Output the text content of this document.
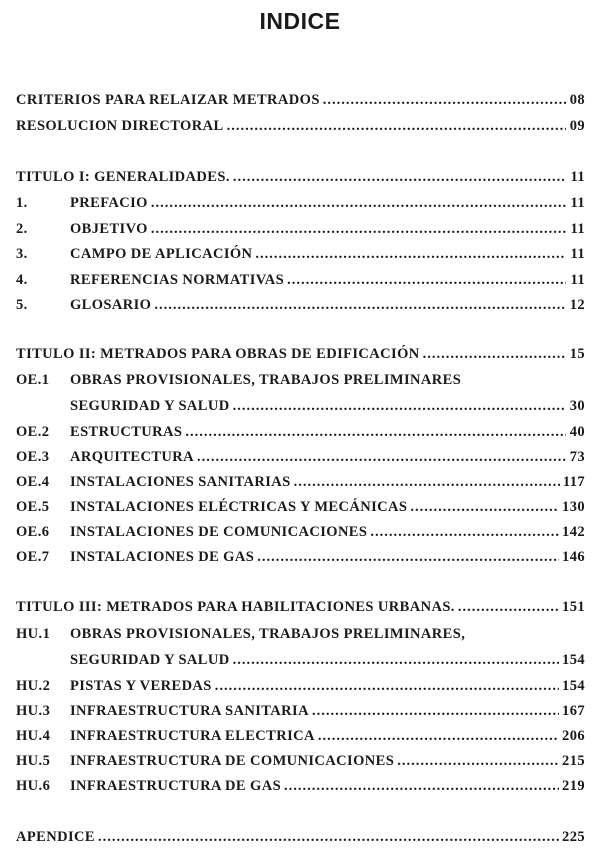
INDICE
CRITERIOS PARA RELAIZAR METRADOS .....	08
RESOLUCION DIRECTORAL .....	09
TITULO I: GENERALIDADES. .....	11
1.	PREFACIO .....	11
2.	OBJETIVO .....	11
3.	CAMPO DE APLICACIÓN .....	11
4.	REFERENCIAS NORMATIVAS .....	11
5.	GLOSARIO .....	12
TITULO II: METRADOS PARA OBRAS DE EDIFICACIÓN .....	15
OE.1	OBRAS PROVISIONALES, TRABAJOS PRELIMINARES
SEGURIDAD Y SALUD .....	30
OE.2	ESTRUCTURAS .....	40
OE.3	ARQUITECTURA .....	73
OE.4	INSTALACIONES SANITARIAS .....	117
OE.5	INSTALACIONES ELÉCTRICAS Y MECÁNICAS .....	130
OE.6	INSTALACIONES DE COMUNICACIONES .....	142
OE.7	INSTALACIONES DE GAS .....	146
TITULO III: METRADOS PARA HABILITACIONES URBANAS. .....	151
HU.1	OBRAS PROVISIONALES, TRABAJOS PRELIMINARES,
SEGURIDAD Y SALUD .....	154
HU.2	PISTAS Y VEREDAS .....	154
HU.3	INFRAESTRUCTURA SANITARIA .....	167
HU.4	INFRAESTRUCTURA ELECTRICA .....	206
HU.5	INFRAESTRUCTURA DE COMUNICACIONES .....	215
HU.6	INFRAESTRUCTURA DE GAS .....	219
APENDICE .....	225
